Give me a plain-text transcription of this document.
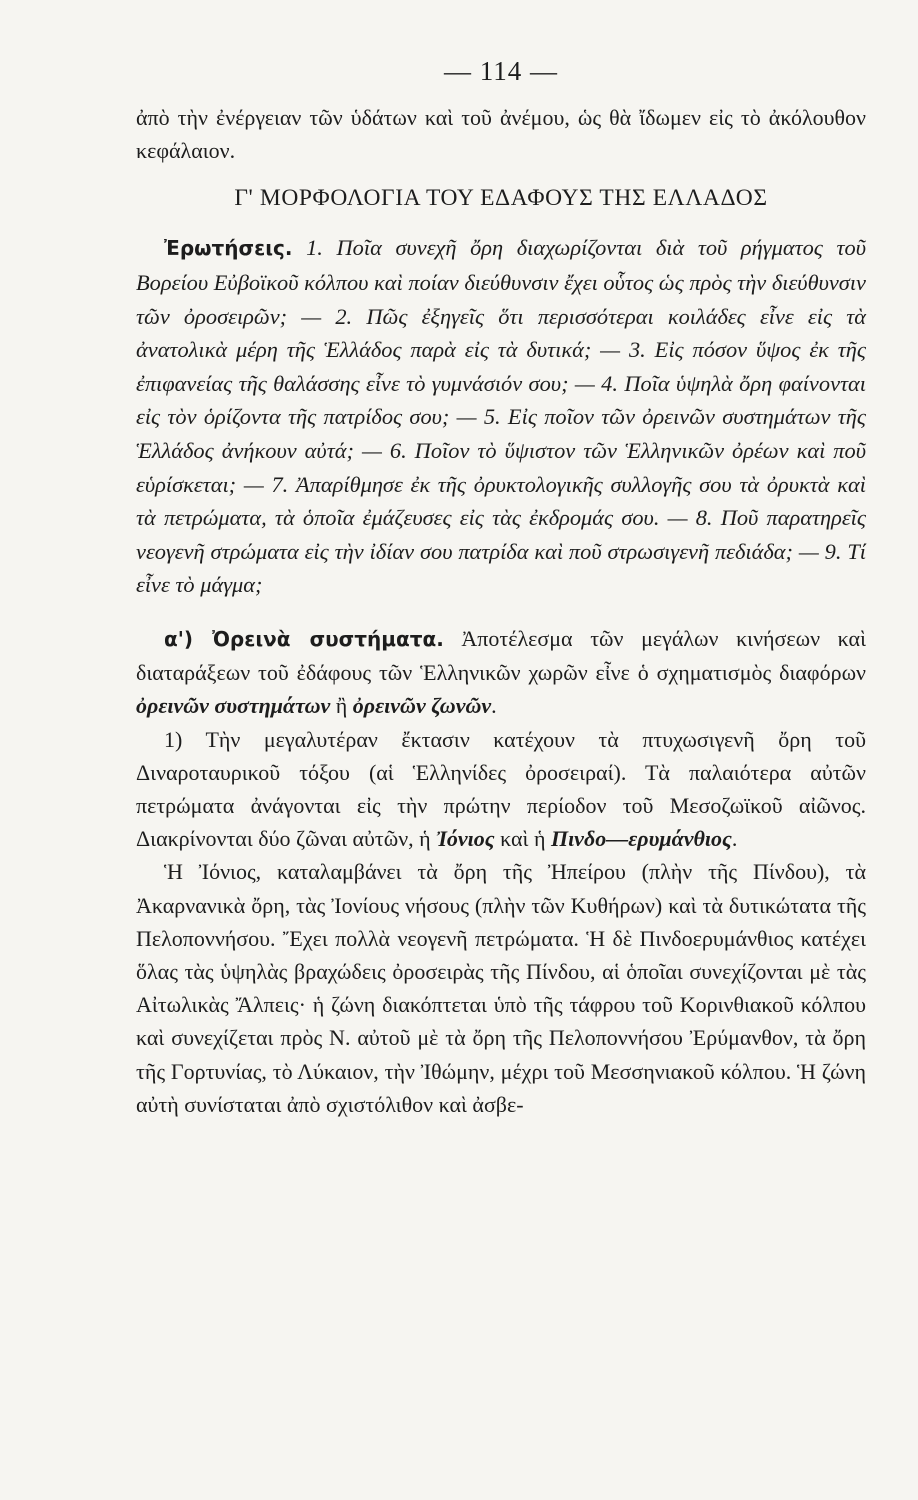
— 114 —

ἀπὸ τὴν ἐνέργειαν τῶν ὑδάτων καὶ τοῦ ἀνέμου, ὡς θὰ ἴδωμεν εἰς τὸ ἀκόλουθον κεφάλαιον.

Γ' ΜΟΡΦΟΛΟΓΙΑ ΤΟΥ ΕΔΑΦΟΥΣ ΤΗΣ ΕΛΛΑΔΟΣ

Ἐρωτήσεις. 1. Ποῖα συνεχῆ ὄρη διαχωρίζονται διὰ τοῦ ρήγματος τοῦ Βορείου Εὐβοϊκοῦ κόλπου καὶ ποίαν διεύθυνσιν ἔχει οὗτος ὡς πρὸς τὴν διεύθυνσιν τῶν ὀροσειρῶν; — 2. Πῶς ἐξηγεῖς ὅτι περισσότεραι κοιλάδες εἶνε εἰς τὰ ἀνατολικὰ μέρη τῆς Ἑλλάδος παρὰ εἰς τὰ δυτικά; — 3. Εἰς πόσον ὕψος ἐκ τῆς ἐπιφανείας τῆς θαλάσσης εἶνε τὸ γυμνάσιόν σου; — 4. Ποῖα ὑψηλὰ ὄρη φαίνονται εἰς τὸν ὁρίζοντα τῆς πατρίδος σου; — 5. Εἰς ποῖον τῶν ὀρεινῶν συστημάτων τῆς Ἑλλάδος ἀνήκουν αὐτά; — 6. Ποῖον τὸ ὕψιστον τῶν Ἑλληνικῶν ὀρέων καὶ ποῦ εὑρίσκεται; — 7. Ἀπαρίθμησε ἐκ τῆς ὀρυκτολογικῆς συλλογῆς σου τὰ ὀρυκτὰ καὶ τὰ πετρώματα, τὰ ὁποῖα ἐμάζευσες εἰς τὰς ἐκδρομάς σου. — 8. Ποῦ παρατηρεῖς νεογενῆ στρώματα εἰς τὴν ἰδίαν σου πατρίδα καὶ ποῦ στρωσιγενῆ πεδιάδα; — 9. Τί εἶνε τὸ μάγμα;

α') Ὀρεινὰ συστήματα. Ἀποτέλεσμα τῶν μεγάλων κινήσεων καὶ διαταράξεων τοῦ ἐδάφους τῶν Ἑλληνικῶν χωρῶν εἶνε ὁ σχηματισμὸς διαφόρων ὀρεινῶν συστημάτων ἢ ὀρεινῶν ζωνῶν.

1) Τὴν μεγαλυτέραν ἔκτασιν κατέχουν τὰ πτυχωσιγενῆ ὄρη τοῦ Διναροταυρικοῦ τόξου (αἱ Ἑλληνίδες ὀροσειραί). Τὰ παλαιότερα αὐτῶν πετρώματα ἀνάγονται εἰς τὴν πρώτην περίοδον τοῦ Μεσοζωϊκοῦ αἰῶνος. Διακρίνονται δύο ζῶναι αὐτῶν, ἡ Ἰόνιος καὶ ἡ Πινδο—ερυμάνθιος.

Ἡ Ἰόνιος, καταλαμβάνει τὰ ὄρη τῆς Ἠπείρου (πλὴν τῆς Πίνδου), τὰ Ἀκαρνανικὰ ὄρη, τὰς Ἰονίους νήσους (πλὴν τῶν Κυθήρων) καὶ τὰ δυτικώτατα τῆς Πελοποννήσου. Ἔχει πολλὰ νεογενῆ πετρώματα. Ἡ δὲ Πινδοερυμάνθιος κατέχει ὅλας τὰς ὑψηλὰς βραχώδεις ὀροσειρὰς τῆς Πίνδου, αἱ ὁποῖαι συνεχίζονται μὲ τὰς Αἰτωλικὰς Ἄλπεις· ἡ ζώνη διακόπτεται ὑπὸ τῆς τάφρου τοῦ Κορινθιακοῦ κόλπου καὶ συνεχίζεται πρὸς Ν. αὐτοῦ μὲ τὰ ὄρη τῆς Πελοποννήσου Ἐρύμανθον, τὰ ὄρη τῆς Γορτυνίας, τὸ Λύκαιον, τὴν Ἰθώμην, μέχρι τοῦ Μεσσηνιακοῦ κόλπου. Ἡ ζώνη αὐτὴ συνίσταται ἀπὸ σχιστόλιθον καὶ ἀσβε-
